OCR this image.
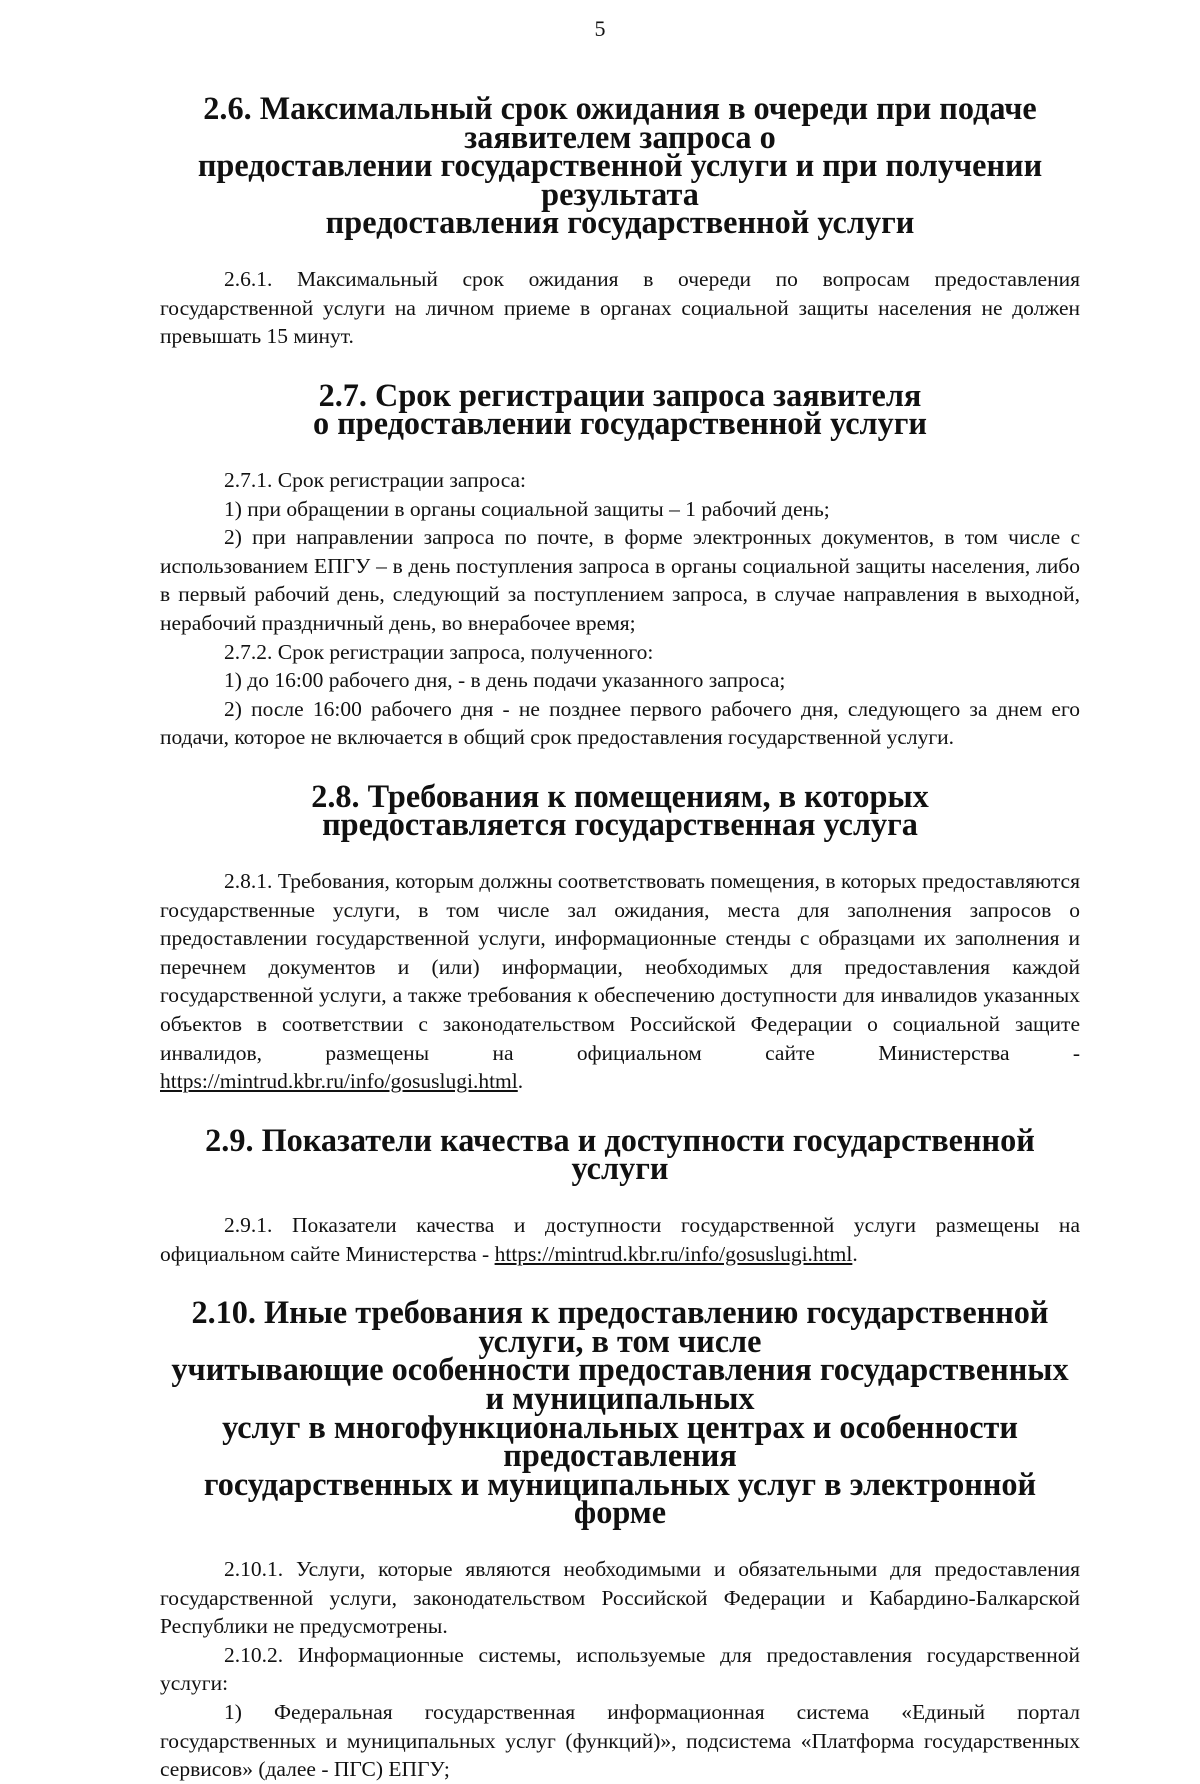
5
2.6. Максимальный срок ожидания в очереди при подаче заявителем запроса о
предоставлении государственной услуги и при получении результата
предоставления государственной услуги

2.6.1. Максимальный срок ожидания в очереди по вопросам предоставления государственной услуги на личном приеме в органах социальной защиты населения не должен превышать 15 минут.

2.7. Срок регистрации запроса заявителя
о предоставлении государственной услуги

2.7.1. Срок регистрации запроса:

1) при обращении в органы социальной защиты – 1 рабочий день;

2) при направлении запроса по почте, в форме электронных документов, в том числе с использованием ЕПГУ – в день поступления запроса в органы социальной защиты населения, либо в первый рабочий день, следующий за поступлением запроса, в случае направления в выходной, нерабочий праздничный день, во внерабочее время;

2.7.2. Срок регистрации запроса, полученного:

1) до 16:00 рабочего дня, - в день подачи указанного запроса;

2) после 16:00 рабочего дня - не позднее первого рабочего дня, следующего за днем его подачи, которое не включается в общий срок предоставления государственной услуги.

2.8. Требования к помещениям, в которых
предоставляется государственная услуга

2.8.1. Требования, которым должны соответствовать помещения, в которых предоставляются государственные услуги, в том числе зал ожидания, места для заполнения запросов о предоставлении государственной услуги, информационные стенды с образцами их заполнения и перечнем документов и (или) информации, необходимых для предоставления каждой государственной услуги, а также требования к обеспечению доступности для инвалидов указанных объектов в соответствии с законодательством Российской Федерации о социальной защите инвалидов, размещены на официальном сайте Министерства - https://mintrud.kbr.ru/info/gosuslugi.html.

2.9. Показатели качества и доступности государственной услуги

2.9.1. Показатели качества и доступности государственной услуги размещены на официальном сайте Министерства - https://mintrud.kbr.ru/info/gosuslugi.html.

2.10. Иные требования к предоставлению государственной услуги, в том числе
учитывающие особенности предоставления государственных и муниципальных
услуг в многофункциональных центрах и особенности предоставления
государственных и муниципальных услуг в электронной форме

2.10.1. Услуги, которые являются необходимыми и обязательными для предоставления государственной услуги, законодательством Российской Федерации и Кабардино-Балкарской Республики не предусмотрены.

2.10.2. Информационные системы, используемые для предоставления государственной услуги:

1) Федеральная государственная информационная система «Единый портал государственных и муниципальных услуг (функций)», подсистема «Платформа государственных сервисов» (далее - ПГС) ЕПГУ;
